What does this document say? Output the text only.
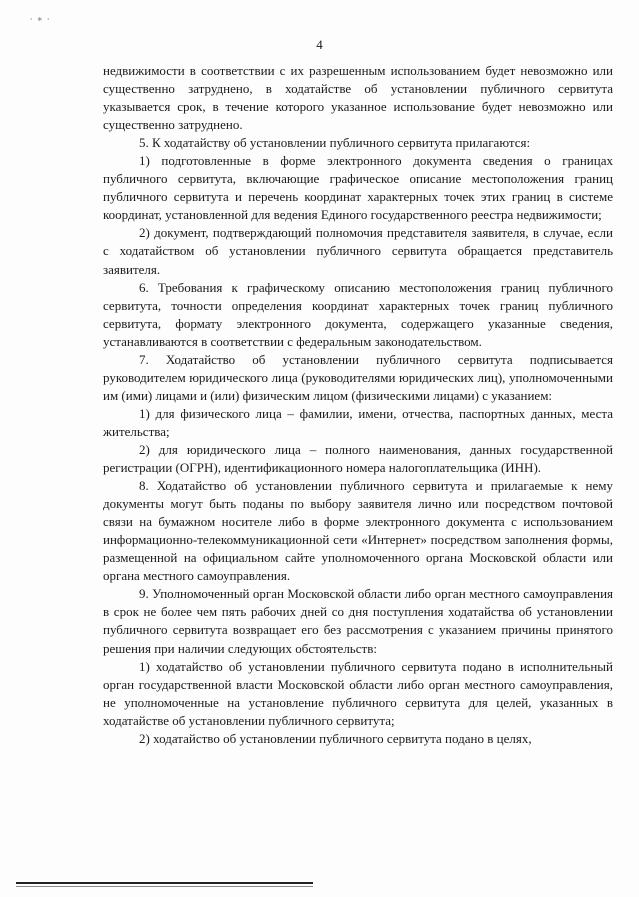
⸱ ∗ ⸱
4

недвижимости в соответствии с их разрешенным использованием будет невозможно или существенно затруднено, в ходатайстве об установлении публичного сервитута указывается срок, в течение которого указанное использование будет невозможно или существенно затруднено.

5. К ходатайству об установлении публичного сервитута прилагаются:

1) подготовленные в форме электронного документа сведения о границах публичного сервитута, включающие графическое описание местоположения границ публичного сервитута и перечень координат характерных точек этих границ в системе координат, установленной для ведения Единого государственного реестра недвижимости;

2) документ, подтверждающий полномочия представителя заявителя, в случае, если с ходатайством об установлении публичного сервитута обращается представитель заявителя.

6. Требования к графическому описанию местоположения границ публичного сервитута, точности определения координат характерных точек границ публичного сервитута, формату электронного документа, содержащего указанные сведения, устанавливаются в соответствии с федеральным законодательством.

7. Ходатайство об установлении публичного сервитута подписывается руководителем юридического лица (руководителями юридических лиц), уполномоченными им (ими) лицами и (или) физическим лицом (физическими лицами) с указанием:

1) для физического лица – фамилии, имени, отчества, паспортных данных, места жительства;

2) для юридического лица – полного наименования, данных государственной регистрации (ОГРН), идентификационного номера налогоплательщика (ИНН).

8. Ходатайство об установлении публичного сервитута и прилагаемые к нему документы могут быть поданы по выбору заявителя лично или посредством почтовой связи на бумажном носителе либо в форме электронного документа с использованием информационно-телекоммуникационной сети «Интернет» посредством заполнения формы, размещенной на официальном сайте уполномоченного органа Московской области или органа местного самоуправления.

9. Уполномоченный орган Московской области либо орган местного самоуправления в срок не более чем пять рабочих дней со дня поступления ходатайства об установлении публичного сервитута возвращает его без рассмотрения с указанием причины принятого решения при наличии следующих обстоятельств:

1) ходатайство об установлении публичного сервитута подано в исполнительный орган государственной власти Московской области либо орган местного самоуправления, не уполномоченные на установление публичного сервитута для целей, указанных в ходатайстве об установлении публичного сервитута;

2) ходатайство об установлении публичного сервитута подано в целях,
